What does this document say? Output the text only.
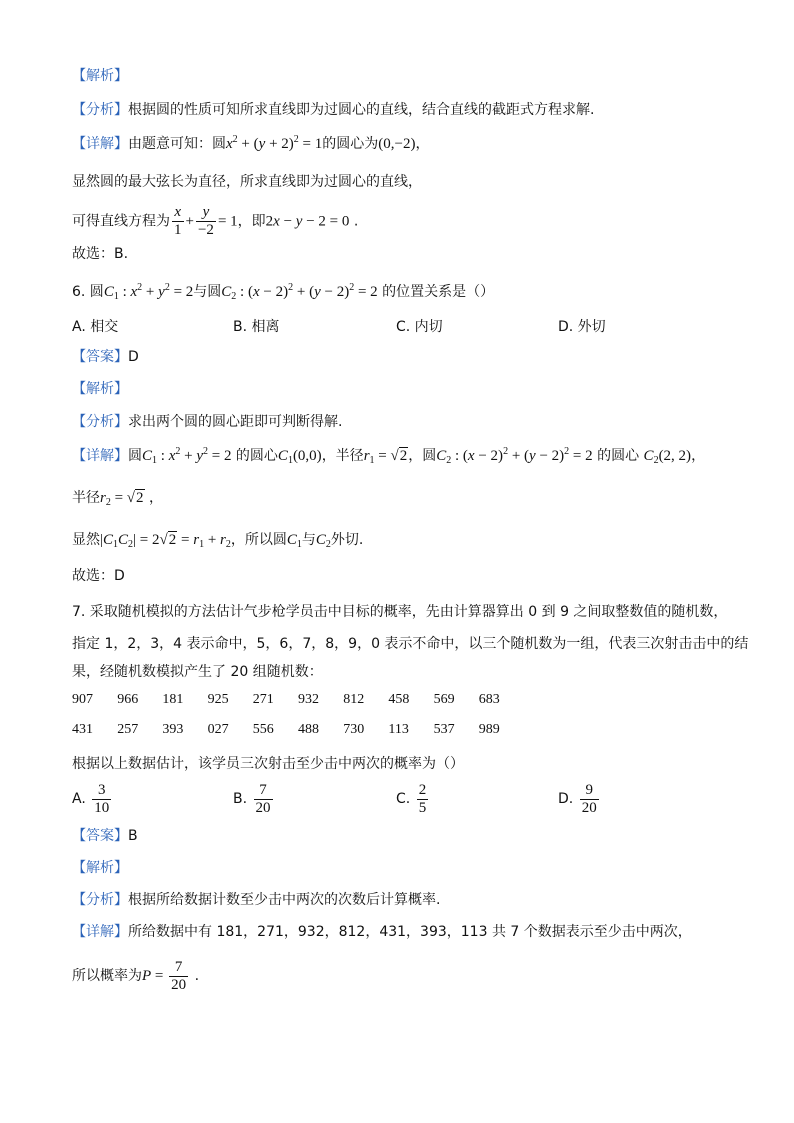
【解析】
【分析】根据圆的性质可知所求直线即为过圆心的直线，结合直线的截距式方程求解.
【详解】由题意可知：圆$x^2 + (y + 2)^2 = 1$的圆心为(0,−2)，
显然圆的最大弦长为直径，所求直线即为过圆心的直线，
可得直线方程为 $\frac{x}{1} + \frac{y}{-2} = 1$，即2x − y − 2 = 0 .
故选：B.
6. 圆$C_1$ : $x^2 + y^2 = 2$与圆$C_2$ : $(x - 2)^2 + (y - 2)^2 = 2$ 的位置关系是（）
A. 相交	B. 相离	C. 内切	D. 外切
【答案】D
【解析】
【分析】求出两个圆的圆心距即可判断得解.
【详解】圆$C_1$ : $x^2 + y^2 = 2$ 的圆心$C_1(0,0)$，半径$r_1 = √2$，圆$C_2$ : $(x - 2)^2 + (y - 2)^2 = 2$ 的圆心 $C_2(2$, 2)，
半径$r_2 = √2$ ，
显然$|C_1C_2| = 2√2 = r_1 + r_2$，所以圆$C_1$与$C_2$外切.
故选：D
7. 采取随机模拟的方法估计气步枪学员击中目标的概率，先由计算器算出 0 到 9 之间取整数值的随机数，
指定 1，2，3，4 表示命中，5，6，7，8，9，0 表示不命中，以三个随机数为一组，代表三次射击击中的结
果，经随机数模拟产生了 20 组随机数：
907 966 181 925 271 932 812 458 569 683
431 257 393 027 556 488 730 113 537 989
根据以上数据估计，该学员三次射击至少击中两次的概率为（）
A. $\frac{3}{10}$	B. $\frac{7}{20}$	C. $\frac{2}{5}$	D. $\frac{9}{20}$
【答案】B
【解析】
【分析】根据所给数据计数至少击中两次的次数后计算概率.
【详解】所给数据中有 181，271，932，812，431，393，113 共 7 个数据表示至少击中两次，
所以概率为$P = \frac{7}{20}$ .
